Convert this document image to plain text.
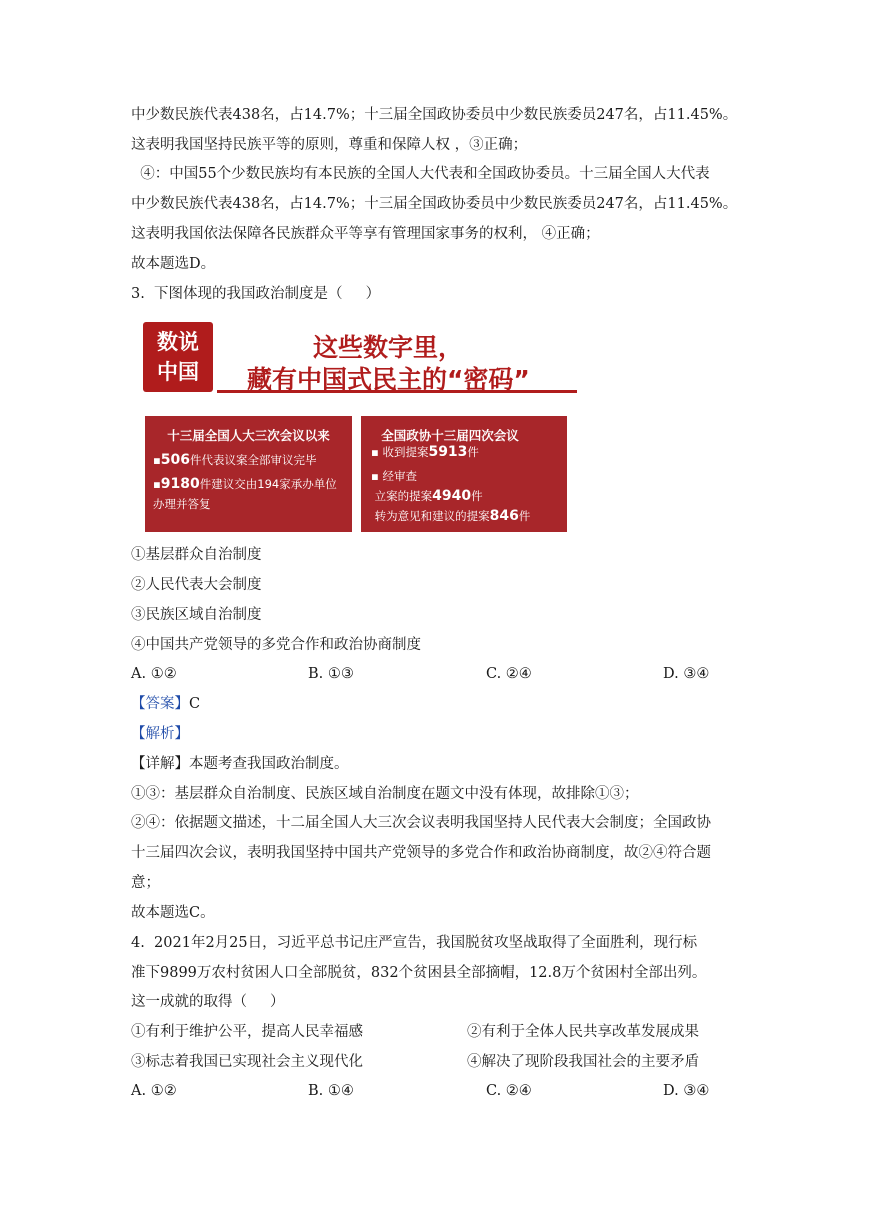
中少数民族代表438名，占14.7%；十三届全国政协委员中少数民族委员247名，占11.45%。
这表明我国坚持民族平等的原则，尊重和保障人权 ，③正确；
④：中国55个少数民族均有本民族的全国人大代表和全国政协委员。十三届全国人大代表
中少数民族代表438名，占14.7%；十三届全国政协委员中少数民族委员247名，占11.45%。
这表明我国依法保障各民族群众平等享有管理国家事务的权利， ④正确；
故本题选D。
3.  下图体现的我国政治制度是（     ）
数说
中国
这些数字里，
藏有中国式民主的“密码”
十三届全国人大三次会议以来
▪506件代表议案全部审议完毕
▪9180件建议交由194家承办单位
办理并答复
全国政协十三届四次会议
▪ 收到提案5913件
▪ 经审查
立案的提案4940件
转为意见和建议的提案846件
①基层群众自治制度
②人民代表大会制度
③民族区域自治制度
④中国共产党领导的多党合作和政治协商制度
A. ①②	B. ①③	C. ②④	D. ③④
【答案】C
【解析】
【详解】本题考查我国政治制度。
①③：基层群众自治制度、民族区域自治制度在题文中没有体现，故排除①③；
②④：依据题文描述，十二届全国人大三次会议表明我国坚持人民代表大会制度；全国政协
十三届四次会议，表明我国坚持中国共产党领导的多党合作和政治协商制度，故②④符合题
意；
故本题选C。
4.  2021年2月25日，习近平总书记庄严宣告，我国脱贫攻坚战取得了全面胜利，现行标
准下9899万农村贫困人口全部脱贫，832个贫困县全部摘帽，12.8万个贫困村全部出列。
这一成就的取得（     ）
①有利于维护公平，提高人民幸福感	②有利于全体人民共享改革发展成果
③标志着我国已实现社会主义现代化	④解决了现阶段我国社会的主要矛盾
A. ①②	B. ①④	C. ②④	D. ③④
